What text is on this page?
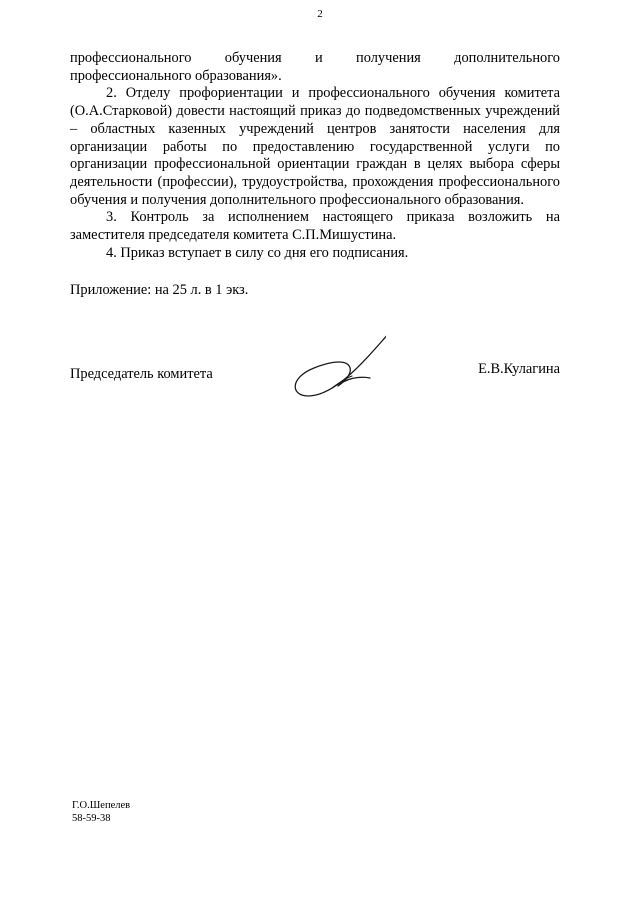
2

профессионального обучения и получения дополнительного профессионального образования».

2. Отделу профориентации и профессионального обучения комитета (О.А.Старковой) довести настоящий приказ до подведомственных учреждений – областных казенных учреждений центров занятости населения для организации работы по предоставлению государственной услуги по организации профессиональной ориентации граждан в целях выбора сферы деятельности (профессии), трудоустройства, прохождения профессионального обучения и получения дополнительного профессионального образования.

3. Контроль за исполнением настоящего приказа возложить на заместителя председателя комитета С.П.Мишустина.

4. Приказ вступает в силу со дня его подписания.

Приложение: на 25 л. в 1 экз.

Председатель комитета	Е.В.Кулагина
Г.О.Шепелев
58-59-38
